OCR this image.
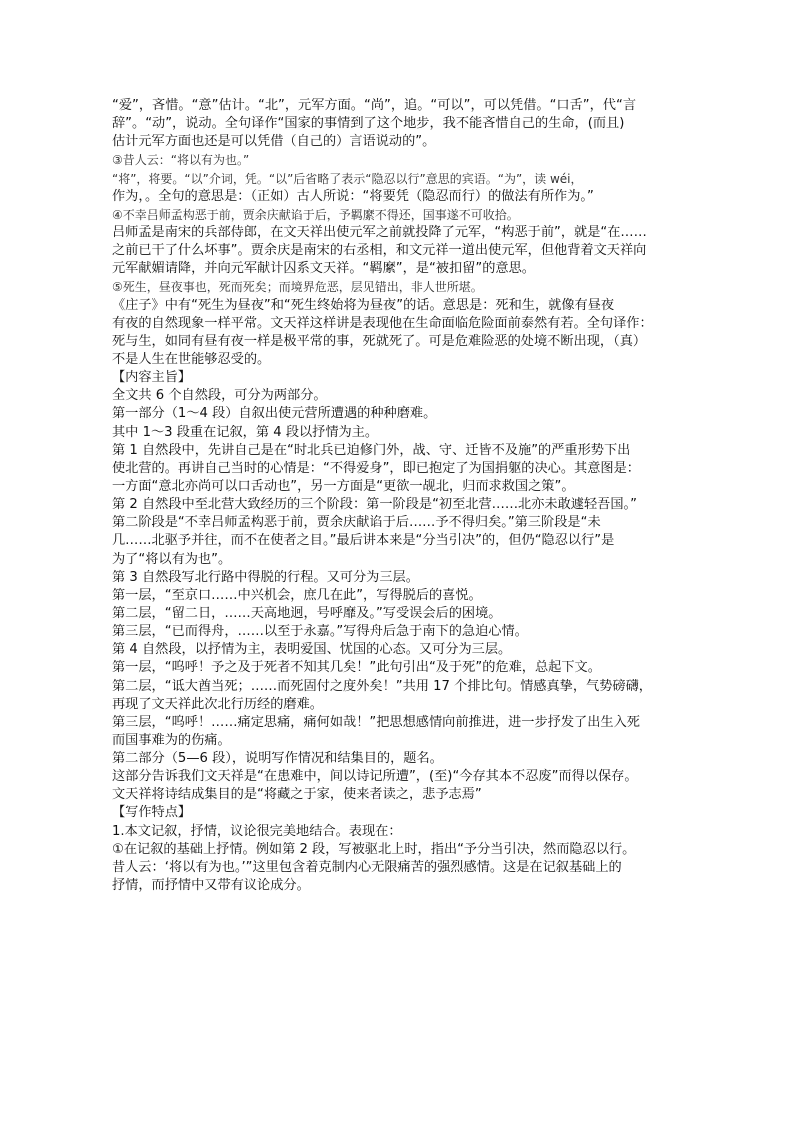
“爱”，吝惜。“意”估计。“北”，元军方面。“尚”，追。“可以”，可以凭借。“口舌”，代“言
辞”。“动”，说动。全句译作“国家的事情到了这个地步，我不能吝惜自己的生命，(而且)
估计元军方面也还是可以凭借（自己的）言语说动的”。
③昔人云：“将以有为也。”
“将”，将要。“以”介词，凭。“以”后省略了表示“隐忍以行”意思的宾语。“为”，读 wéi，
作为，。全句的意思是：（正如）古人所说：“将要凭（隐忍而行）的做法有所作为。”
④不幸吕师孟构恶于前，贾余庆献谄于后，予羁縻不得还，国事遂不可收拾。
吕师孟是南宋的兵部侍郎，在文天祥出使元军之前就投降了元军，“构恶于前”，就是“在……
之前已干了什么坏事”。贾余庆是南宋的右丞相，和文元祥一道出使元军，但他背着文天祥向
元军献媚请降，并向元军献计囚系文天祥。“羁縻”，是“被扣留”的意思。
⑤死生，昼夜事也，死而死矣；而境界危恶，层见错出，非人世所堪。
《庄子》中有“死生为昼夜”和“死生终始将为昼夜”的话。意思是：死和生，就像有昼夜
有夜的自然现象一样平常。文天祥这样讲是表现他在生命面临危险面前泰然有若。全句译作：
死与生，如同有昼有夜一样是极平常的事，死就死了。可是危难险恶的处境不断出现，（真）
不是人生在世能够忍受的。
【内容主旨】
全文共 6 个自然段，可分为两部分。
第一部分（1～4 段）自叙出使元营所遭遇的种种磨难。
其中 1～3 段重在记叙，第 4 段以抒情为主。
第 1 自然段中，先讲自己是在“时北兵已迫修门外，战、守、迁皆不及施”的严重形势下出
使北营的。再讲自己当时的心情是：“不得爱身”，即已抱定了为国捐躯的决心。其意图是：
一方面“意北亦尚可以口舌动也”，另一方面是“更欲一觇北，归而求救国之策”。
第 2 自然段中至北营大致经历的三个阶段：第一阶段是“初至北营……北亦未敢遽轻吾国。”
第二阶段是“不幸吕师孟构恶于前，贾余庆献谄于后……予不得归矣。”第三阶段是“未
几……北驱予并往，而不在使者之目。”最后讲本来是“分当引决”的，但仍“隐忍以行”是
为了“将以有为也”。
第 3 自然段写北行路中得脱的行程。又可分为三层。
第一层，“至京口……中兴机会，庶几在此”，写得脱后的喜悦。
第二层，“留二日，……天高地迥，号呼靡及。”写受误会后的困境。
第三层，“已而得舟，……以至于永嘉。”写得舟后急于南下的急迫心情。
第 4 自然段，以抒情为主，表明爱国、忧国的心态。又可分为三层。
第一层，“呜呼！予之及于死者不知其几矣！”此句引出“及于死”的危难，总起下文。
第二层，“诋大酋当死；……而死固付之度外矣！”共用 17 个排比句。情感真挚，气势磅礴，
再现了文天祥此次北行历经的磨难。
第三层，“呜呼！……痛定思痛，痛何如哉！”把思想感情向前推进，进一步抒发了出生入死
而国事难为的伤痛。
第二部分（5—6 段），说明写作情况和结集目的，题名。
这部分告诉我们文天祥是“在患难中，间以诗记所遭”，(至)“今存其本不忍废”而得以保存。
文天祥将诗结成集目的是“将藏之于家，使来者读之，悲予志焉”
【写作特点】
1.本文记叙，抒情，议论很完美地结合。表现在：
①在记叙的基础上抒情。例如第 2 段，写被驱北上时，指出“予分当引决，然而隐忍以行。
昔人云：‘将以有为也。’”这里包含着克制内心无限痛苦的强烈感情。这是在记叙基础上的
抒情，而抒情中又带有议论成分。
